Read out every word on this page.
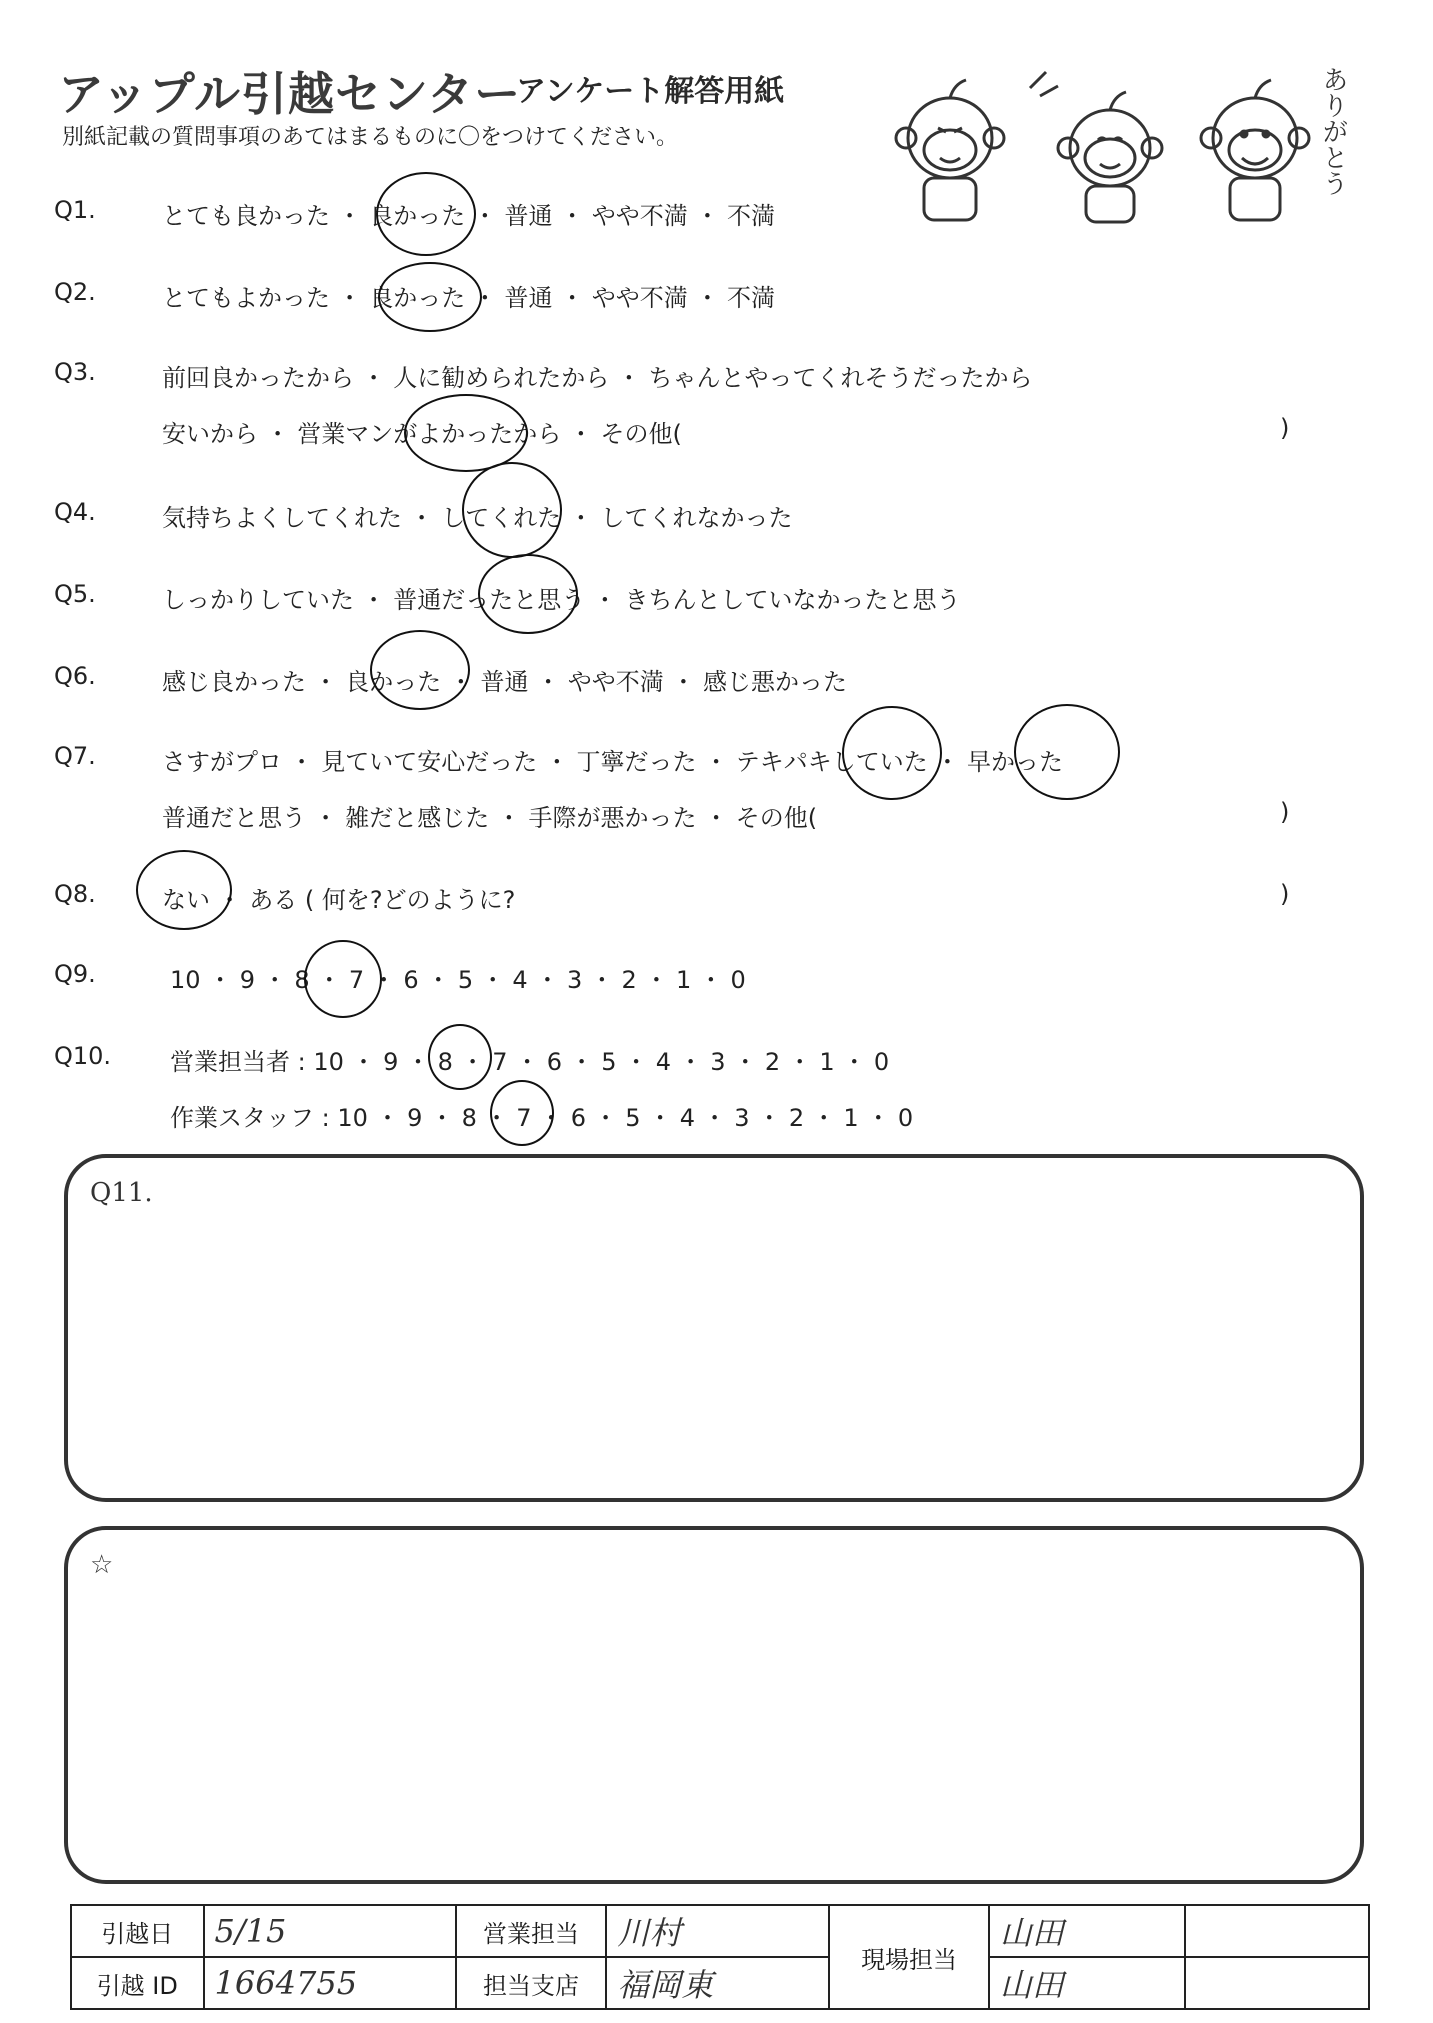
アップル引越センター
アンケート解答用紙
別紙記載の質問事項のあてはまるものに〇をつけてください。	ありがとう
Q1.	とても良かった ・ 良かった ・ 普通 ・ やや不満 ・ 不満
Q2.	とてもよかった ・ 良かった ・ 普通 ・ やや不満 ・ 不満
Q3.	前回良かったから ・ 人に勧められたから ・ ちゃんとやってくれそうだったから
安いから ・ 営業マンがよかったから ・ その他(	)
Q4.	気持ちよくしてくれた ・ してくれた ・ してくれなかった
Q5.	しっかりしていた ・ 普通だったと思う ・ きちんとしていなかったと思う
Q6.	感じ良かった ・ 良かった ・ 普通 ・ やや不満 ・ 感じ悪かった
Q7.	さすがプロ ・ 見ていて安心だった ・ 丁寧だった ・ テキパキしていた ・ 早かった
普通だと思う ・ 雑だと感じた ・ 手際が悪かった ・ その他(	)
Q8.	ない ・ ある ( 何を?どのように?	)
Q9.	10 ・ 9 ・ 8 ・ 7 ・ 6 ・ 5 ・ 4 ・ 3 ・ 2 ・ 1 ・ 0
Q10. 営業担当者 : 10 ・ 9 ・ 8 ・ 7 ・ 6 ・ 5 ・ 4 ・ 3 ・ 2 ・ 1 ・ 0
作業スタッフ : 10 ・ 9 ・ 8 ・ 7 ・ 6 ・ 5 ・ 4 ・ 3 ・ 2 ・ 1 ・ 0
Q11.
☆
引越日	5/15	営業担当	川村	現場担当	山田	
引越 ID	1664755	担当支店	福岡東		山田	
